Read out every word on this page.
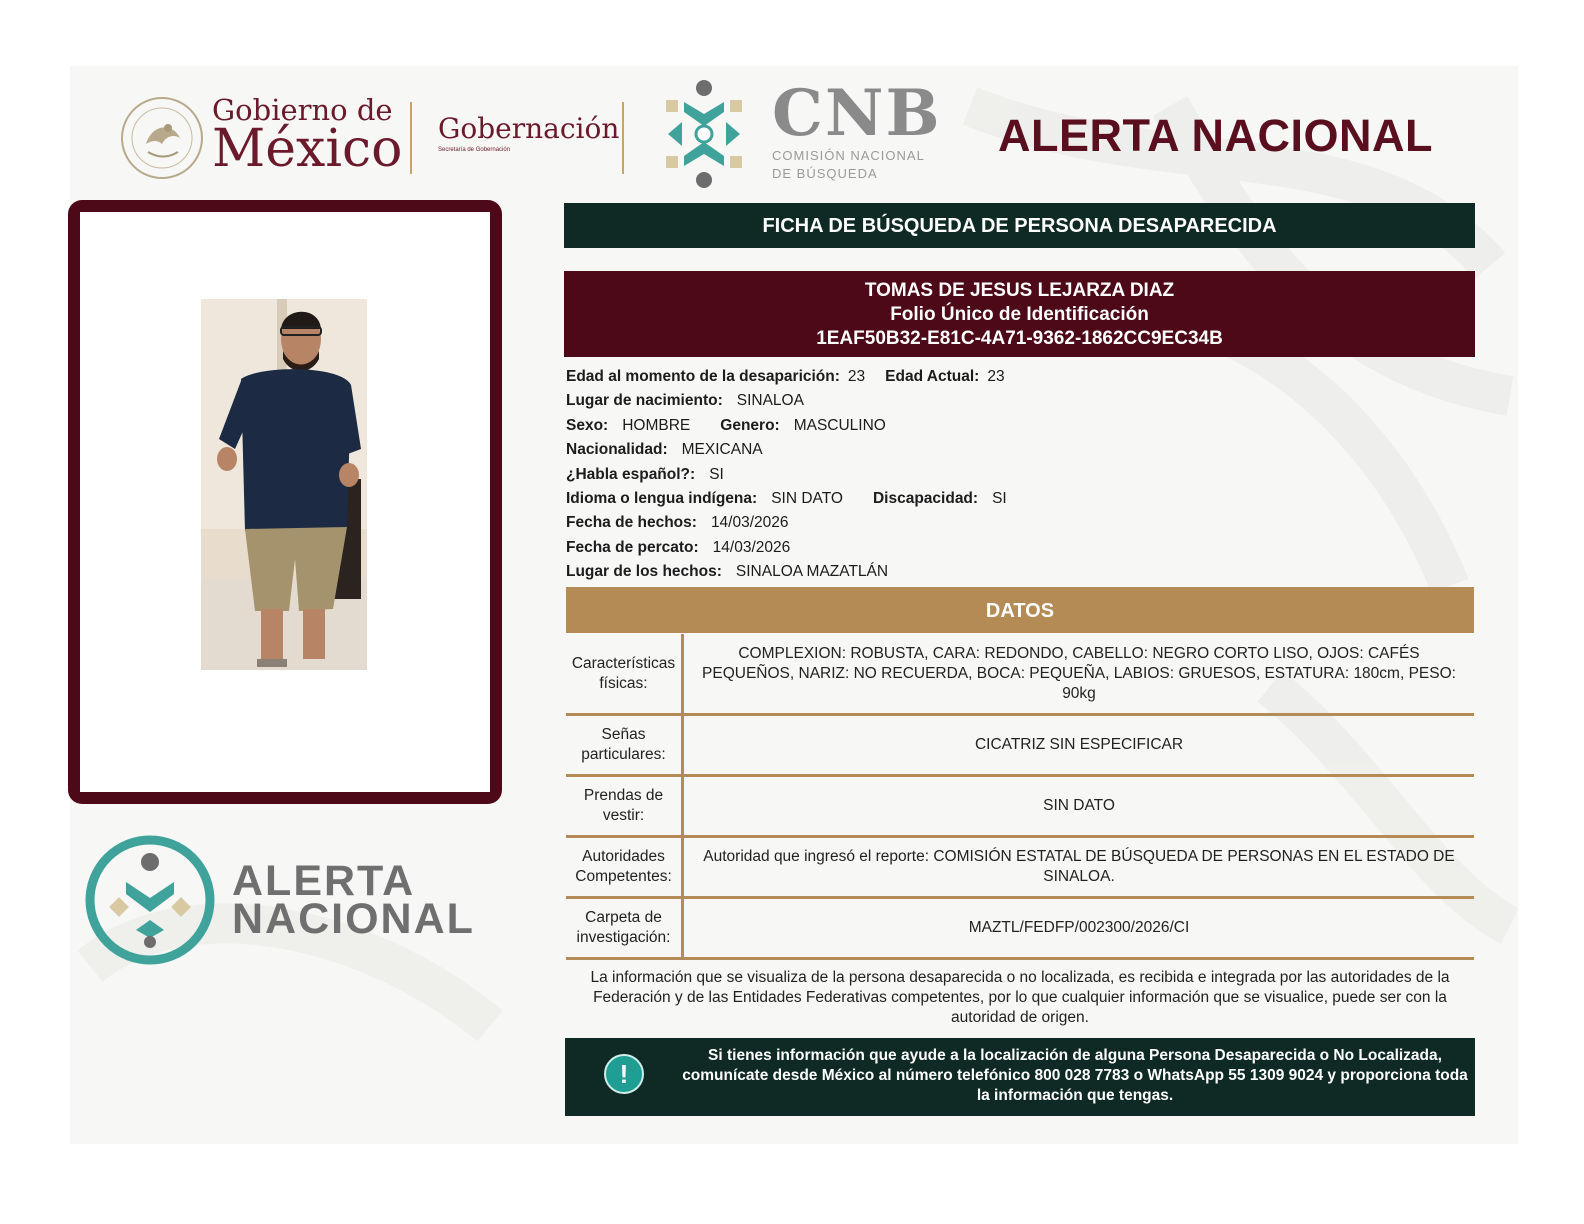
Gobierno de
México Gobernación
Secretaría de Gobernación	CNB
COMISIÓN NACIONAL
DE BÚSQUEDA
ALERTA NACIONAL
ALERTA
NACIONAL
FICHA DE BÚSQUEDA DE PERSONA DESAPARECIDA
TOMAS DE JESUS LEJARZA DIAZ
Folio Único de Identificación
1EAF50B32-E81C-4A71-9362-1862CC9EC34B
Edad al momento de la desaparición: 23 Edad Actual: 23
Lugar de nacimiento: SINALOA
Sexo: HOMBRE Genero: MASCULINO
Nacionalidad: MEXICANA
¿Habla español?: SI
Idioma o lengua indígena: SIN DATO Discapacidad: SI
Fecha de hechos: 14/03/2026
Fecha de percato: 14/03/2026
Lugar de los hechos: SINALOA MAZATLÁN
DATOS
Características físicas:
COMPLEXION: ROBUSTA, CARA: REDONDO, CABELLO: NEGRO CORTO LISO, OJOS: CAFÉS PEQUEÑOS, NARIZ: NO RECUERDA, BOCA: PEQUEÑA, LABIOS: GRUESOS, ESTATURA: 180cm, PESO: 90kg
Señas particulares:
CICATRIZ SIN ESPECIFICAR
Prendas de vestir:
SIN DATO
Autoridades Competentes:
Autoridad que ingresó el reporte: COMISIÓN ESTATAL DE BÚSQUEDA DE PERSONAS EN EL ESTADO DE SINALOA.
Carpeta de investigación:
MAZTL/FEDFP/002300/2026/CI
La información que se visualiza de la persona desaparecida o no localizada, es recibida e integrada por las autoridades de la Federación y de las Entidades Federativas competentes, por lo que cualquier información que se visualice, puede ser con la autoridad de origen.
!
Si tienes información que ayude a la localización de alguna Persona Desaparecida o No Localizada, comunícate desde México al número telefónico 800 028 7783 o WhatsApp 55 1309 9024 y proporciona toda la información que tengas.
